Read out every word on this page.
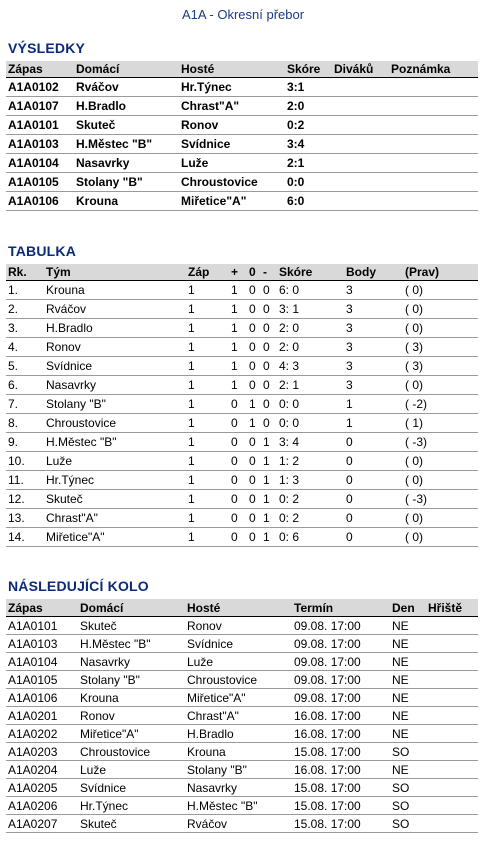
A1A - Okresní přebor
VÝSLEDKY
Zápas	Domácí	Hosté	Skóre	Diváků	Poznámka
A1A0102	Rváčov	Hr.Týnec	3:1		
A1A0107	H.Bradlo	Chrast"A"	2:0		
A1A0101	Skuteč	Ronov	0:2		
A1A0103	H.Městec "B"	Svídnice	3:4		
A1A0104	Nasavrky	Luže	2:1		
A1A0105	Stolany "B"	Chroustovice	0:0		
A1A0106	Krouna	Miřetice"A"	6:0		
TABULKA
Rk.	Tým	Záp	+	0	-	Skóre	Body	(Prav)
1.	Krouna	1	1	0	0	6: 0	3	( 0)
2.	Rváčov	1	1	0	0	3: 1	3	( 0)
3.	H.Bradlo	1	1	0	0	2: 0	3	( 0)
4.	Ronov	1	1	0	0	2: 0	3	( 3)
5.	Svídnice	1	1	0	0	4: 3	3	( 3)
6.	Nasavrky	1	1	0	0	2: 1	3	( 0)
7.	Stolany "B"	1	0	1	0	0: 0	1	( -2)
8.	Chroustovice	1	0	1	0	0: 0	1	( 1)
9.	H.Městec "B"	1	0	0	1	3: 4	0	( -3)
10.	Luže	1	0	0	1	1: 2	0	( 0)
11.	Hr.Týnec	1	0	0	1	1: 3	0	( 0)
12.	Skuteč	1	0	0	1	0: 2	0	( -3)
13.	Chrast"A"	1	0	0	1	0: 2	0	( 0)
14.	Miřetice"A"	1	0	0	1	0: 6	0	( 0)
NÁSLEDUJÍCÍ KOLO
Zápas	Domácí	Hosté	Termín	Den	Hřiště
A1A0101	Skuteč	Ronov	09.08. 17:00	NE	
A1A0103	H.Městec "B"	Svídnice	09.08. 17:00	NE	
A1A0104	Nasavrky	Luže	09.08. 17:00	NE	
A1A0105	Stolany "B"	Chroustovice	09.08. 17:00	NE	
A1A0106	Krouna	Miřetice"A"	09.08. 17:00	NE	
A1A0201	Ronov	Chrast"A"	16.08. 17:00	NE	
A1A0202	Miřetice"A"	H.Bradlo	16.08. 17:00	NE	
A1A0203	Chroustovice	Krouna	15.08. 17:00	SO	
A1A0204	Luže	Stolany "B"	16.08. 17:00	NE	
A1A0205	Svídnice	Nasavrky	15.08. 17:00	SO	
A1A0206	Hr.Týnec	H.Městec "B"	15.08. 17:00	SO	
A1A0207	Skuteč	Rváčov	15.08. 17:00	SO	
